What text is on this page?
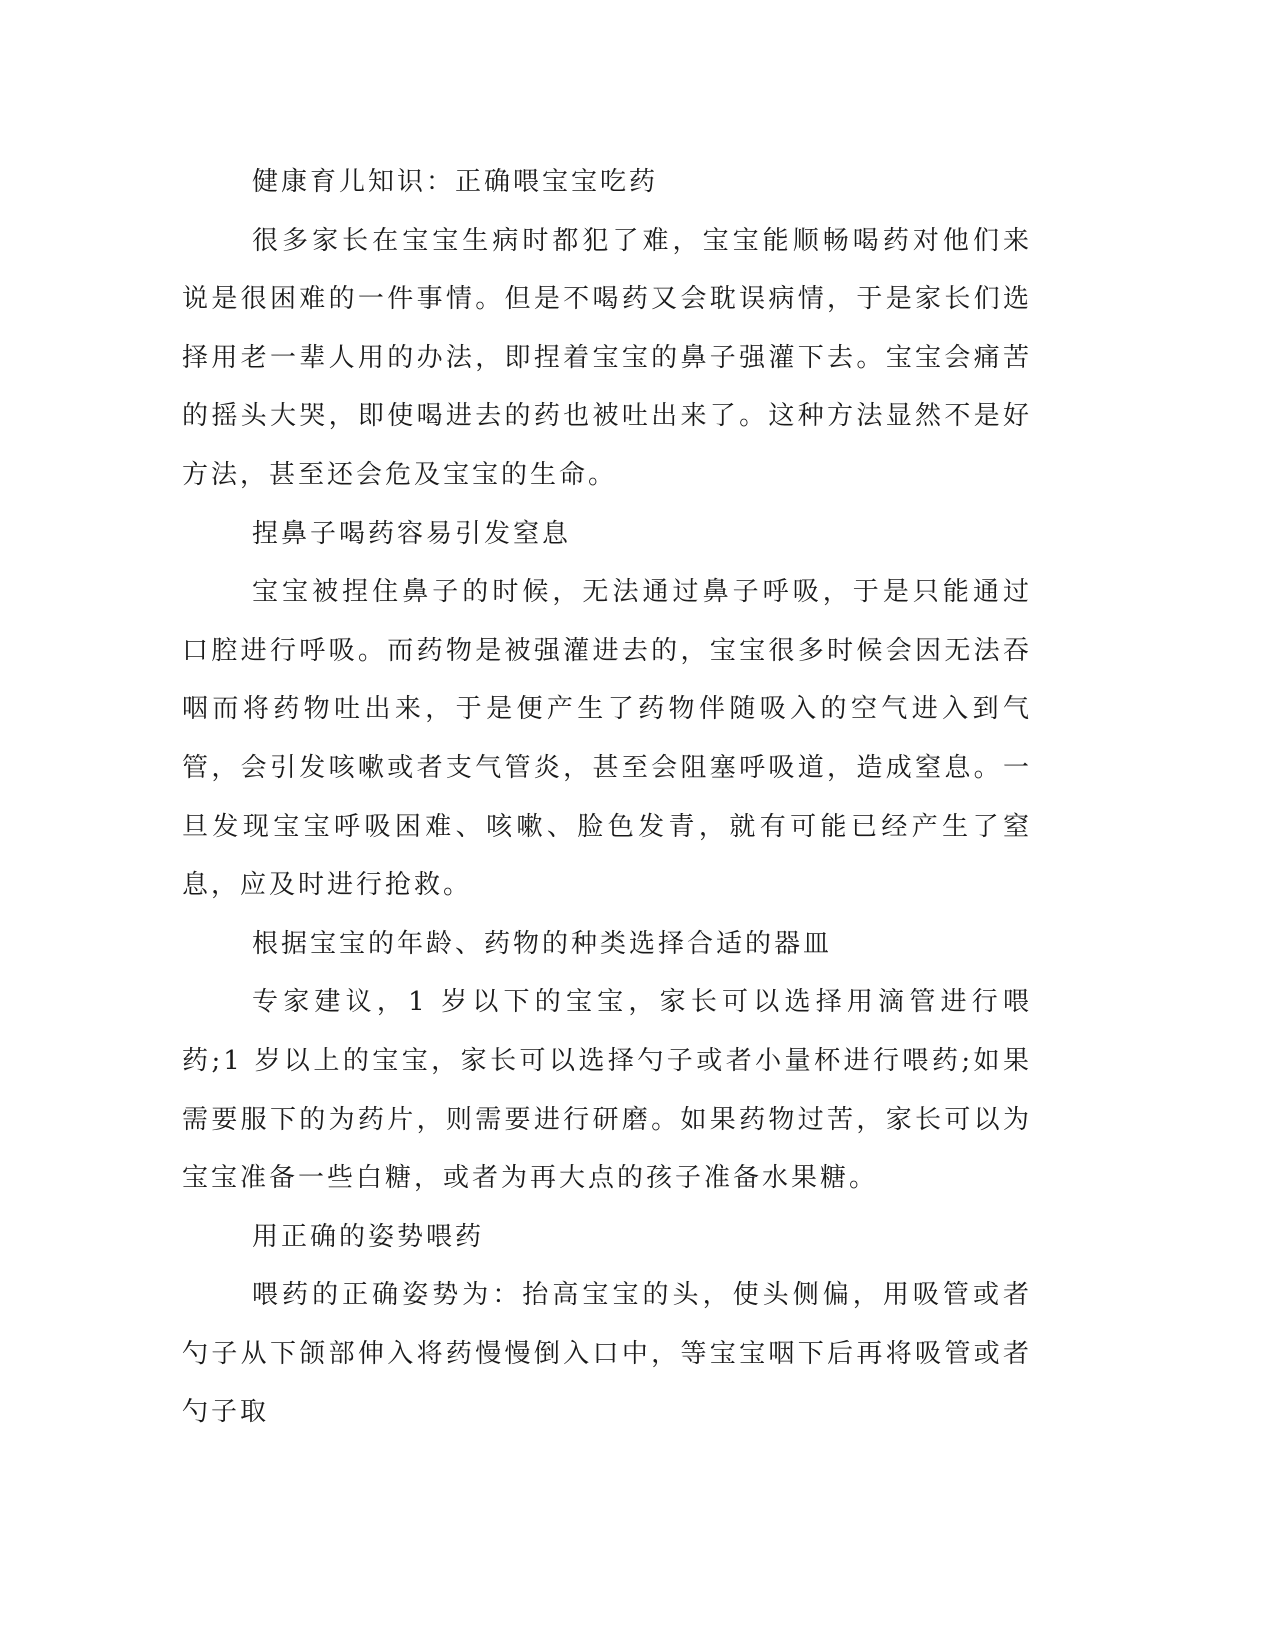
健康育儿知识：正确喂宝宝吃药

很多家长在宝宝生病时都犯了难，宝宝能顺畅喝药对他们来说是很困难的一件事情。但是不喝药又会耽误病情，于是家长们选择用老一辈人用的办法，即捏着宝宝的鼻子强灌下去。宝宝会痛苦的摇头大哭，即使喝进去的药也被吐出来了。这种方法显然不是好方法，甚至还会危及宝宝的生命。

捏鼻子喝药容易引发窒息

宝宝被捏住鼻子的时候，无法通过鼻子呼吸，于是只能通过口腔进行呼吸。而药物是被强灌进去的，宝宝很多时候会因无法吞咽而将药物吐出来，于是便产生了药物伴随吸入的空气进入到气管，会引发咳嗽或者支气管炎，甚至会阻塞呼吸道，造成窒息。一旦发现宝宝呼吸困难、咳嗽、脸色发青，就有可能已经产生了窒息，应及时进行抢救。

根据宝宝的年龄、药物的种类选择合适的器皿

专家建议，1 岁以下的宝宝，家长可以选择用滴管进行喂药;1 岁以上的宝宝，家长可以选择勺子或者小量杯进行喂药;如果需要服下的为药片，则需要进行研磨。如果药物过苦，家长可以为宝宝准备一些白糖，或者为再大点的孩子准备水果糖。

用正确的姿势喂药

喂药的正确姿势为：抬高宝宝的头，使头侧偏，用吸管或者勺子从下颌部伸入将药慢慢倒入口中，等宝宝咽下后再将吸管或者勺子取
